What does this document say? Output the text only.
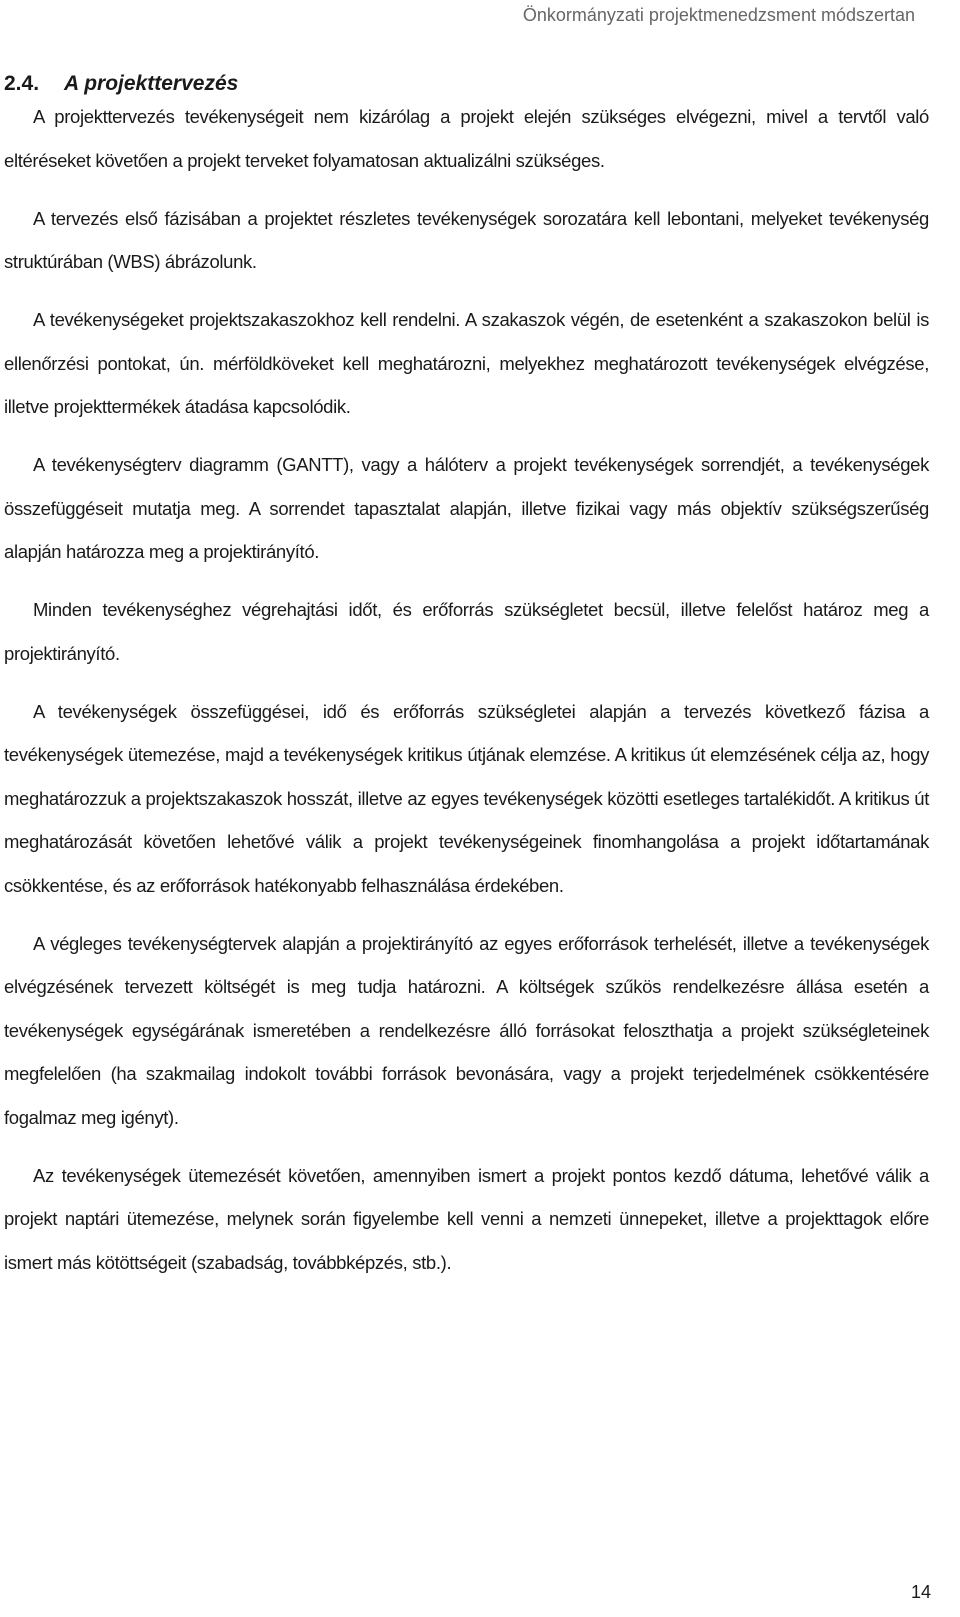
Önkormányzati projektmenedzsment módszertan
2.4. A projekttervezés

A projekttervezés tevékenységeit nem kizárólag a projekt elején szükséges elvégezni, mivel a tervtől való eltéréseket követően a projekt terveket folyamatosan aktualizálni szükséges.

A tervezés első fázisában a projektet részletes tevékenységek sorozatára kell lebontani, melyeket tevékenység struktúrában (WBS) ábrázolunk.

A tevékenységeket projektszakaszokhoz kell rendelni. A szakaszok végén, de esetenként a szakaszokon belül is ellenőrzési pontokat, ún. mérföldköveket kell meghatározni, melyekhez meghatározott tevékenységek elvégzése, illetve projekttermékek átadása kapcsolódik.

A tevékenységterv diagramm (GANTT), vagy a hálóterv a projekt tevékenységek sorrendjét, a tevékenységek összefüggéseit mutatja meg. A sorrendet tapasztalat alapján, illetve fizikai vagy más objektív szükségszerűség alapján határozza meg a projektirányító.

Minden tevékenységhez végrehajtási időt, és erőforrás szükségletet becsül, illetve felelőst határoz meg a projektirányító.

A tevékenységek összefüggései, idő és erőforrás szükségletei alapján a tervezés következő fázisa a tevékenységek ütemezése, majd a tevékenységek kritikus útjának elemzése. A kritikus út elemzésének célja az, hogy meghatározzuk a projektszakaszok hosszát, illetve az egyes tevékenységek közötti esetleges tartalékidőt. A kritikus út meghatározását követően lehetővé válik a projekt tevékenységeinek finomhangolása a projekt időtartamának csökkentése, és az erőforrások hatékonyabb felhasználása érdekében.

A végleges tevékenységtervek alapján a projektirányító az egyes erőforrások terhelését, illetve a tevékenységek elvégzésének tervezett költségét is meg tudja határozni. A költségek szűkös rendelkezésre állása esetén a tevékenységek egységárának ismeretében a rendelkezésre álló forrásokat feloszthatja a projekt szükségleteinek megfelelően (ha szakmailag indokolt további források bevonására, vagy a projekt terjedelmének csökkentésére fogalmaz meg igényt).

Az tevékenységek ütemezését követően, amennyiben ismert a projekt pontos kezdő dátuma, lehetővé válik a projekt naptári ütemezése, melynek során figyelembe kell venni a nemzeti ünnepeket, illetve a projekttagok előre ismert más kötöttségeit (szabadság, továbbképzés, stb.).

14
